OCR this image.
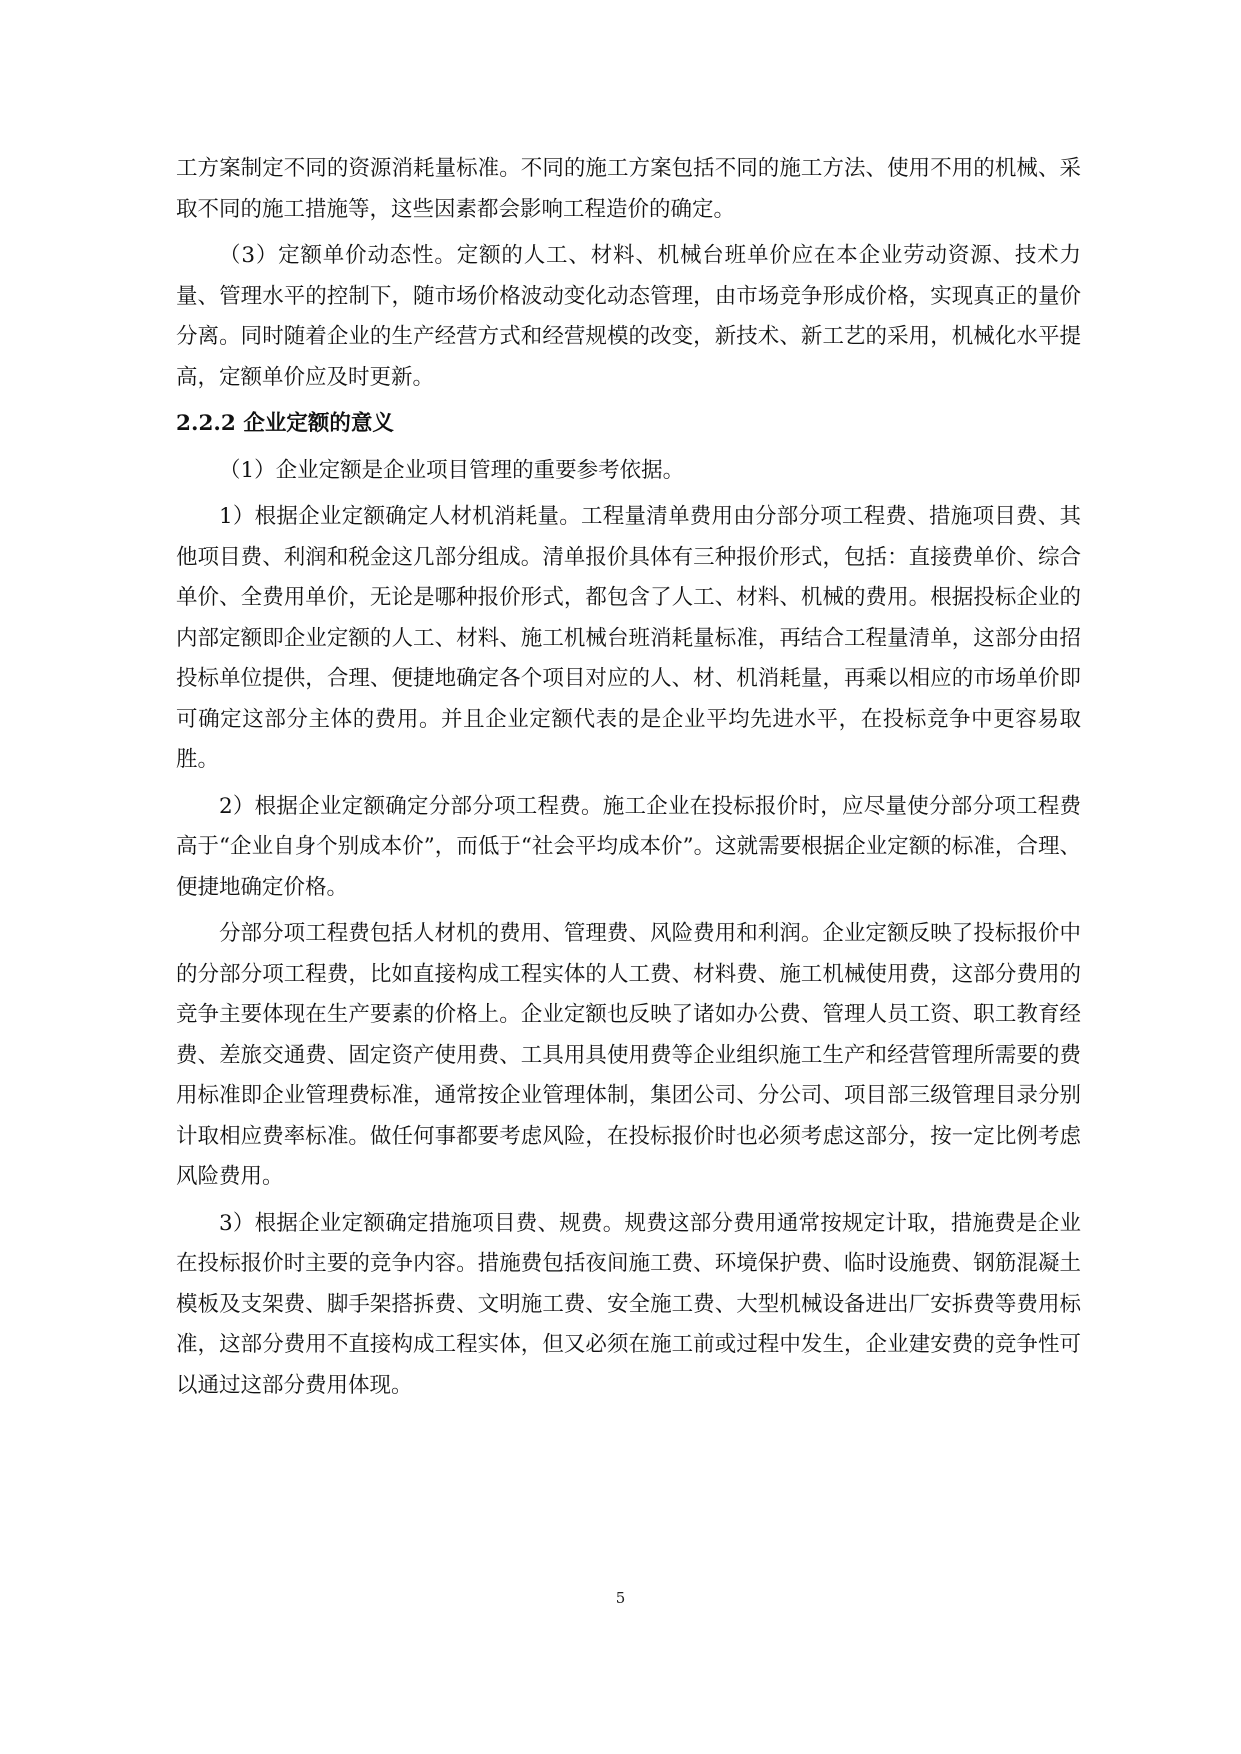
工方案制定不同的资源消耗量标准。不同的施工方案包括不同的施工方法、使用不用的机械、采取不同的施工措施等，这些因素都会影响工程造价的确定。

（3）定额单价动态性。定额的人工、材料、机械台班单价应在本企业劳动资源、技术力量、管理水平的控制下，随市场价格波动变化动态管理，由市场竞争形成价格，实现真正的量价分离。同时随着企业的生产经营方式和经营规模的改变，新技术、新工艺的采用，机械化水平提高，定额单价应及时更新。

2.2.2 企业定额的意义

（1）企业定额是企业项目管理的重要参考依据。

1）根据企业定额确定人材机消耗量。工程量清单费用由分部分项工程费、措施项目费、其他项目费、利润和税金这几部分组成。清单报价具体有三种报价形式，包括：直接费单价、综合单价、全费用单价，无论是哪种报价形式，都包含了人工、材料、机械的费用。根据投标企业的内部定额即企业定额的人工、材料、施工机械台班消耗量标准，再结合工程量清单，这部分由招投标单位提供，合理、便捷地确定各个项目对应的人、材、机消耗量，再乘以相应的市场单价即可确定这部分主体的费用。并且企业定额代表的是企业平均先进水平，在投标竞争中更容易取胜。

2）根据企业定额确定分部分项工程费。施工企业在投标报价时，应尽量使分部分项工程费高于“企业自身个别成本价”，而低于“社会平均成本价”。这就需要根据企业定额的标准，合理、便捷地确定价格。

分部分项工程费包括人材机的费用、管理费、风险费用和利润。企业定额反映了投标报价中的分部分项工程费，比如直接构成工程实体的人工费、材料费、施工机械使用费，这部分费用的竞争主要体现在生产要素的价格上。企业定额也反映了诸如办公费、管理人员工资、职工教育经费、差旅交通费、固定资产使用费、工具用具使用费等企业组织施工生产和经营管理所需要的费用标准即企业管理费标准，通常按企业管理体制，集团公司、分公司、项目部三级管理目录分别计取相应费率标准。做任何事都要考虑风险，在投标报价时也必须考虑这部分，按一定比例考虑风险费用。

3）根据企业定额确定措施项目费、规费。规费这部分费用通常按规定计取，措施费是企业在投标报价时主要的竞争内容。措施费包括夜间施工费、环境保护费、临时设施费、钢筋混凝土模板及支架费、脚手架搭拆费、文明施工费、安全施工费、大型机械设备进出厂安拆费等费用标准，这部分费用不直接构成工程实体，但又必须在施工前或过程中发生，企业建安费的竞争性可以通过这部分费用体现。

5
